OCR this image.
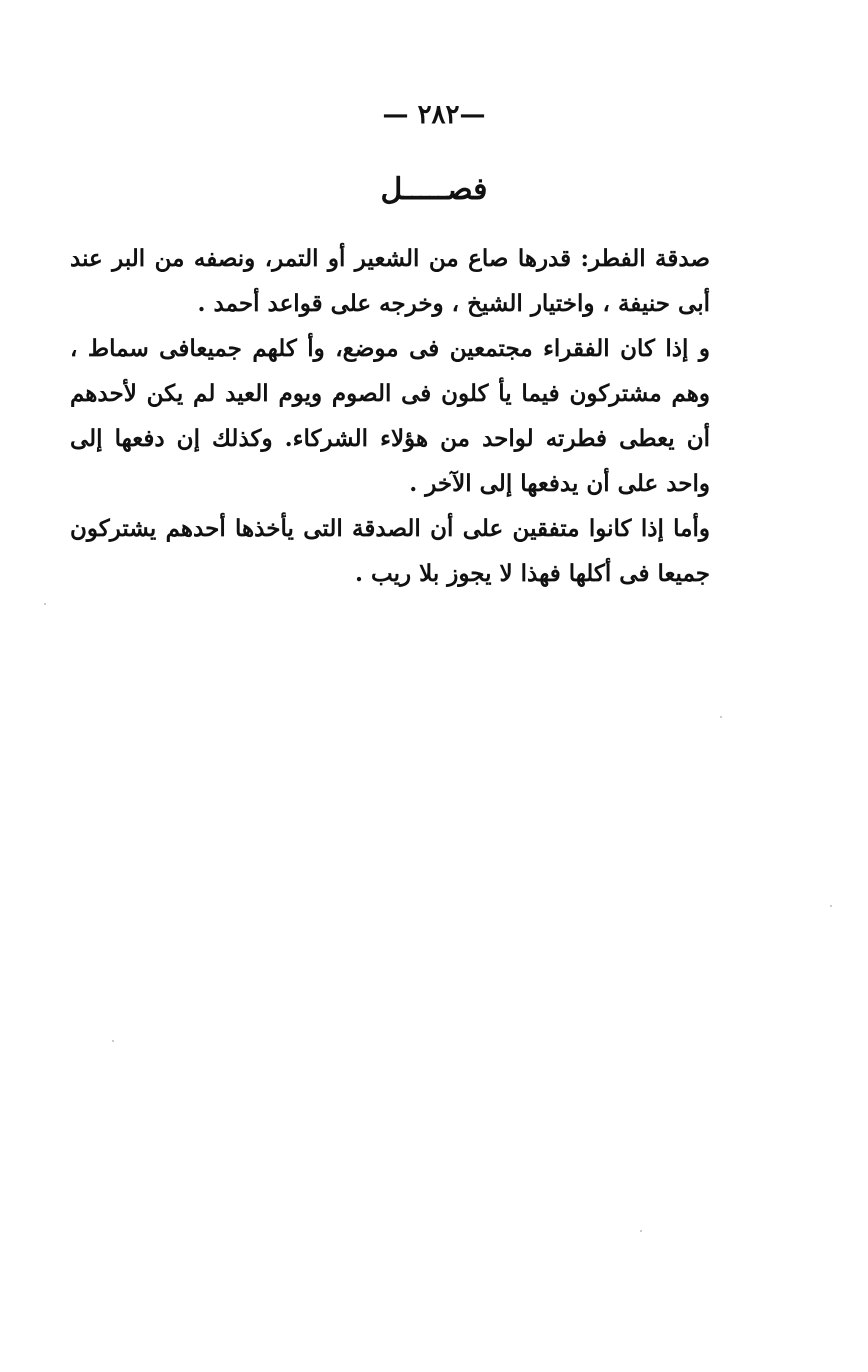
— ٢٨٢—
فصـــــل

صدقة الفطر: قدرها صاع من الشعير أو التمر، ونصفه من البر عند أبى حنيفة ، واختيار الشيخ ، وخرجه على قواعد أحمد .

و إذا كان الفقراء مجتمعين فى موضع، وأ كلهم جميعافى سماط ، وهم مشتركون فيما يأ كلون فى الصوم ويوم العيد لم يكن لأحدهم أن يعطى فطرته لواحد من هؤلاء الشركاء. وكذلك إن دفعها إلى واحد على أن يدفعها إلى الآخر .

وأما إذا كانوا متفقين على أن الصدقة التى يأخذها أحدهم يشتركون جميعا فى أكلها فهذا لا يجوز بلا ريب .
